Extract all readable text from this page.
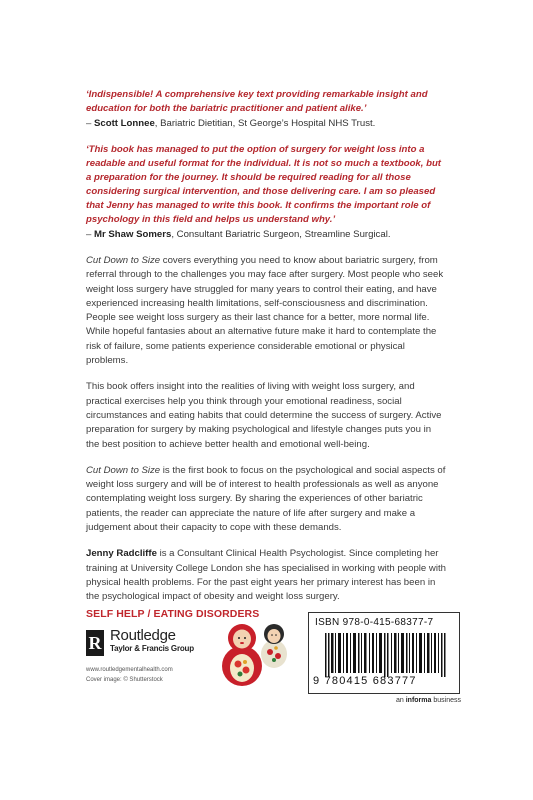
‘Indispensible! A comprehensive key text providing remarkable insight and education for both the bariatric practitioner and patient alike.’

– Scott Lonnee, Bariatric Dietitian, St George’s Hospital NHS Trust.

‘This book has managed to put the option of surgery for weight loss into a readable and useful format for the individual. It is not so much a textbook, but a preparation for the journey. It should be required reading for all those considering surgical intervention, and those delivering care. I am so pleased that Jenny has managed to write this book. It confirms the important role of psychology in this field and helps us understand why.’

– Mr Shaw Somers, Consultant Bariatric Surgeon, Streamline Surgical.

Cut Down to Size covers everything you need to know about bariatric surgery, from referral through to the challenges you may face after surgery. Most people who seek weight loss surgery have struggled for many years to control their eating, and have experienced increasing health limitations, self-consciousness and discrimination. People see weight loss surgery as their last chance for a better, more normal life. While hopeful fantasies about an alternative future make it hard to contemplate the risk of failure, some patients experience considerable emotional or physical problems.

This book offers insight into the realities of living with weight loss surgery, and practical exercises help you think through your emotional readiness, social circumstances and eating habits that could determine the success of surgery. Active preparation for surgery by making psychological and lifestyle changes puts you in the best position to achieve better health and emotional well-being.

Cut Down to Size is the first book to focus on the psychological and social aspects of weight loss surgery and will be of interest to health professionals as well as anyone contemplating weight loss surgery. By sharing the experiences of other bariatric patients, the reader can appreciate the nature of life after surgery and make a judgement about their capacity to cope with these demands.

Jenny Radcliffe is a Consultant Clinical Health Psychologist. Since completing her training at University College London she has specialised in working with people with physical health problems. For the past eight years her primary interest has been in the psychological impact of obesity and weight loss surgery.

SELF HELP / EATING DISORDERS
R Routledge
Taylor & Francis Group
www.routledgementalhealth.com
Cover image: © Shutterstock
ISBN 978-0-415-68377-7
9 780415 683777
an informa business
